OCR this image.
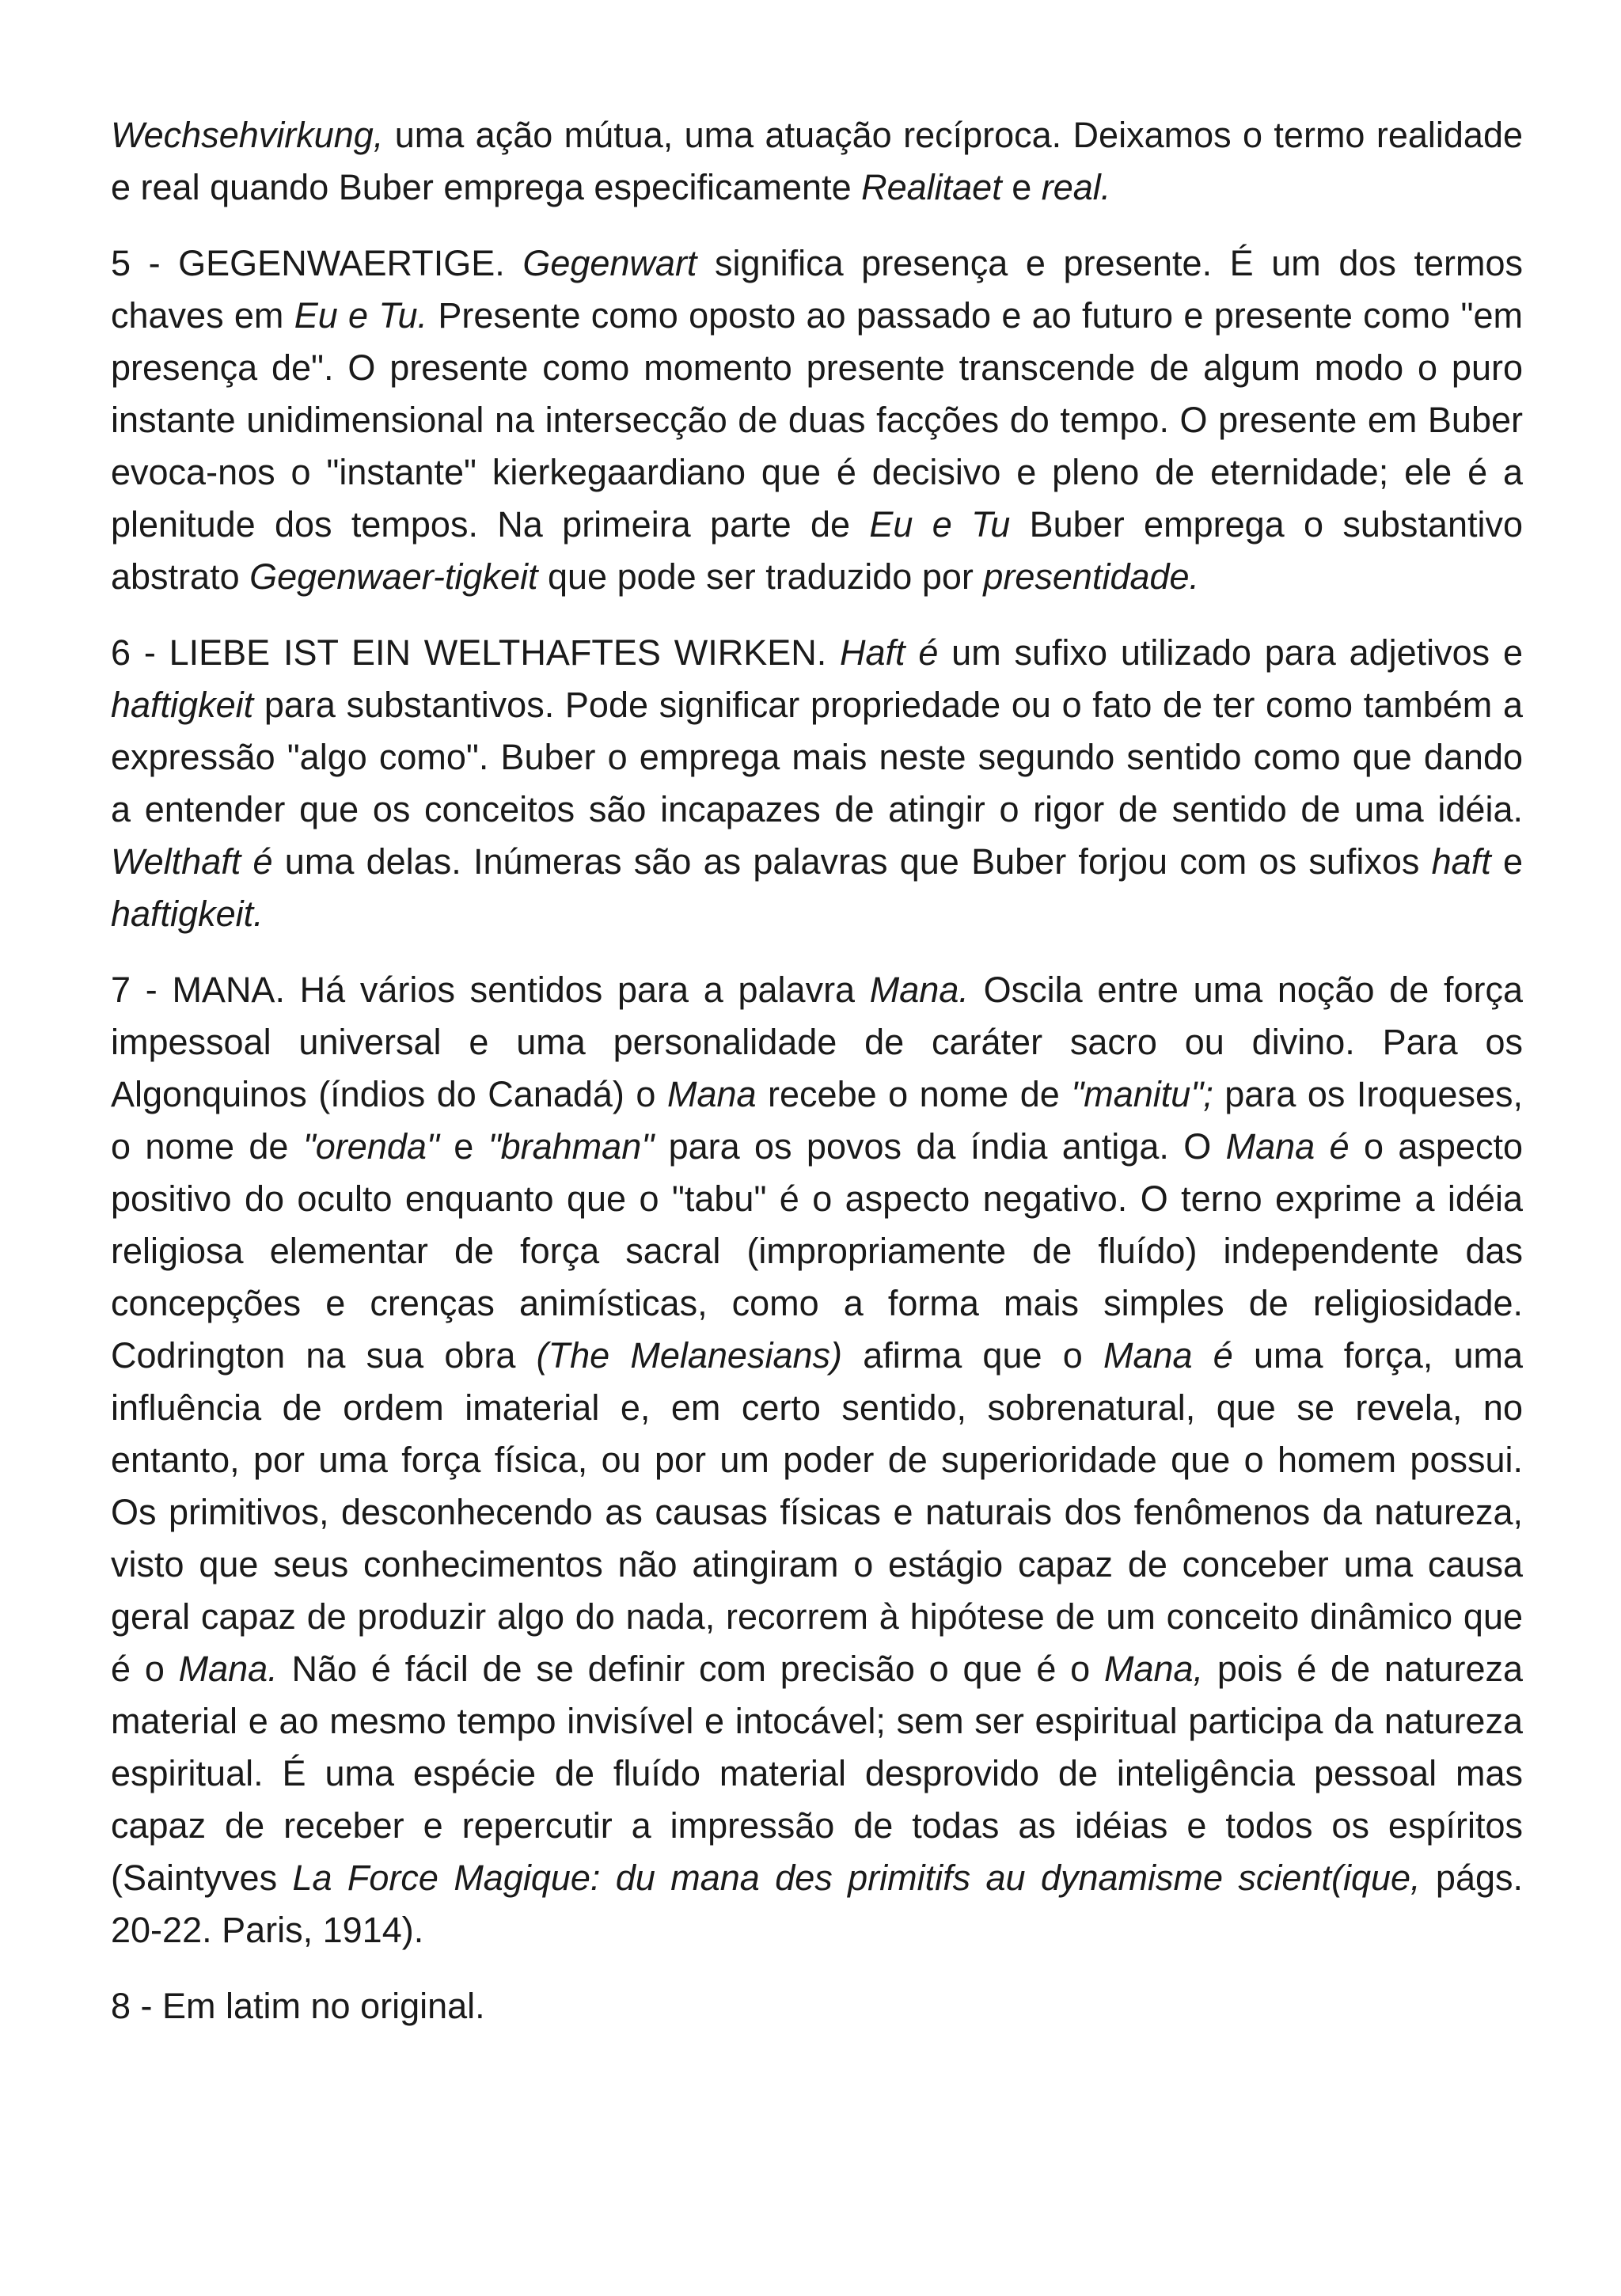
Wechsehvirkung, uma ação mútua, uma atuação recíproca. Deixamos o termo realidade e real quando Buber emprega especificamente Realitaet e real.

5 - GEGENWAERTIGE. Gegenwart significa presença e presente. É um dos termos chaves em Eu e Tu. Presente como oposto ao passado e ao futuro e presente como "em presença de". O presente como momento presente transcende de algum modo o puro instante unidimensional na intersecção de duas facções do tempo. O presente em Buber evoca-nos o "instante" kierkegaardiano que é decisivo e pleno de eternidade; ele é a plenitude dos tempos. Na primeira parte de Eu e Tu Buber emprega o substantivo abstrato Gegenwaer-tigkeit que pode ser traduzido por presentidade.

6 - LIEBE IST EIN WELTHAFTES WIRKEN. Haft é um sufixo utilizado para adjetivos e haftigkeit para substantivos. Pode significar propriedade ou o fato de ter como também a expressão "algo como". Buber o emprega mais neste segundo sentido como que dando a entender que os conceitos são incapazes de atingir o rigor de sentido de uma idéia. Welthaft é uma delas. Inúmeras são as palavras que Buber forjou com os sufixos haft e haftigkeit.

7 - MANA. Há vários sentidos para a palavra Mana. Oscila entre uma noção de força impessoal universal e uma personalidade de caráter sacro ou divino. Para os Algonquinos (índios do Canadá) o Mana recebe o nome de "manitu"; para os Iroqueses, o nome de "orenda" e "brahman" para os povos da índia antiga. O Mana é o aspecto positivo do oculto enquanto que o "tabu" é o aspecto negativo. O terno exprime a idéia religiosa elementar de força sacral (impropriamente de fluído) independente das concepções e crenças animísticas, como a forma mais simples de religiosidade. Codrington na sua obra (The Melanesians) afirma que o Mana é uma força, uma influência de ordem imaterial e, em certo sentido, sobrenatural, que se revela, no entanto, por uma força física, ou por um poder de superioridade que o homem possui. Os primitivos, desconhecendo as causas físicas e naturais dos fenômenos da natureza, visto que seus conhecimentos não atingiram o estágio capaz de conceber uma causa geral capaz de produzir algo do nada, recorrem à hipótese de um conceito dinâmico que é o Mana. Não é fácil de se definir com precisão o que é o Mana, pois é de natureza material e ao mesmo tempo invisível e intocável; sem ser espiritual participa da natureza espiritual. É uma espécie de fluído material desprovido de inteligência pessoal mas capaz de receber e repercutir a impressão de todas as idéias e todos os espíritos (Saintyves La Force Magique: du mana des primitifs au dynamisme scient(ique, págs. 20-22. Paris, 1914).

8 - Em latim no original.
